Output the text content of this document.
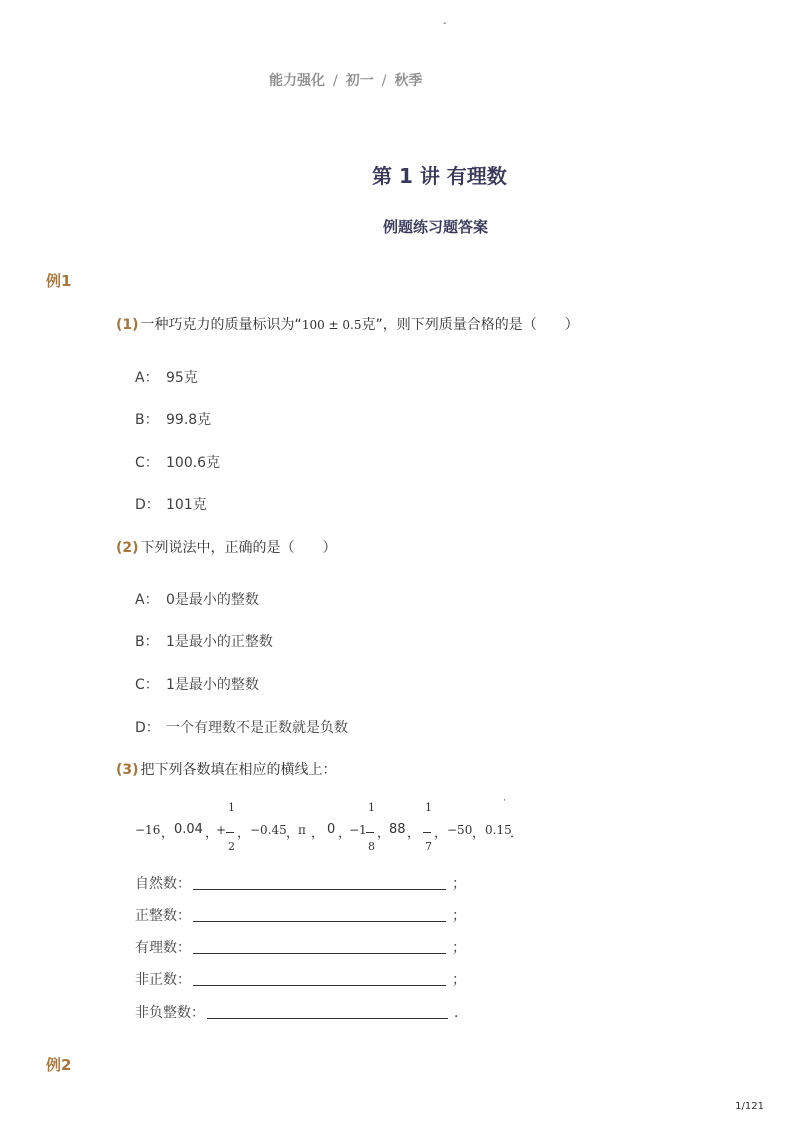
-
能力强化 / 初一 / 秋季
第 1 讲 有理数
例题练习题答案
例1
(1) 一种巧克力的质量标识为“100 ± 0.5克”，则下列质量合格的是（　　）
A： 95克
B： 99.8克
C： 100.6克
D： 101克
(2) 下列说法中，正确的是（　　）
A： 0是最小的整数
B： 1是最小的正整数
C： 1是最小的整数
D： 一个有理数不是正数就是负数
(3) 把下列各数填在相应的横线上：
−16 ， 0.04 ，
+
1
2
， −0.45 ，
π ， 0 ，
−1
1
8
，
88 ，
1
7
， −50 ， 0.15
·
．
自然数：	；
正整数：	；
有理数：	；
非正数：	；
非负整数：	．
例2
1/121
